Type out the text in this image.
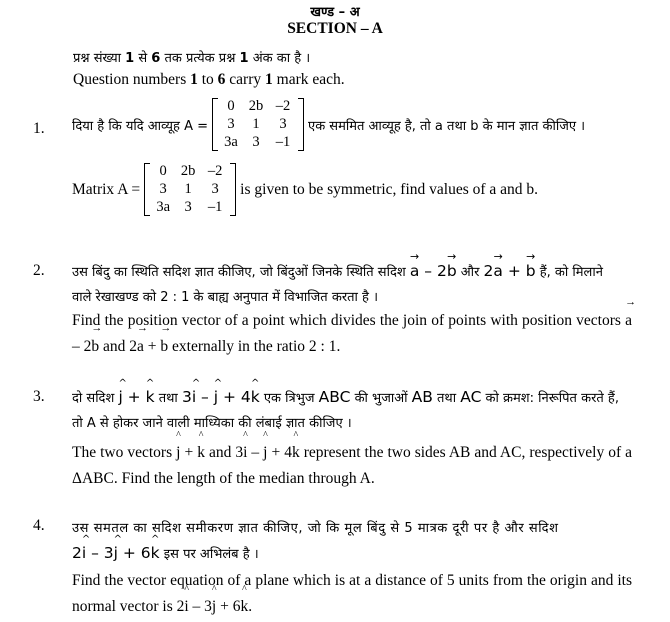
खण्ड – अ
SECTION – A
प्रश्न संख्या 1 से 6 तक प्रत्येक प्रश्न 1 अंक का है ।
Question numbers 1 to 6 carry 1 mark each.
1. दिया है कि यदि आव्यूह A =
0 2b –2
3	1	3
3a	3	–1
एक सममित आव्यूह है, तो a तथा b के मान ज्ञात कीजिए ।
Matrix A =
0 2b –2
3	1	3
3a	3	–1
is given to be symmetric, find values of a and b.
2. उस बिंदु का स्थिति सदिश ज्ञात कीजिए, जो बिंदुओं जिनके स्थिति सदिश → a – 2→ b और 2→ a + → b हैं, को मिलाने
वाले रेखाखण्ड को 2 : 1 के बाह्य अनुपात में विभाजित करता है ।
Find the position vector of a point which divides the join of points with position vectors → a – 2→ b and 2→ a + → b externally in the ratio 2 : 1.
3. दो सदिश ^ j + ^ k तथा 3^ i – ^ j + 4^ k एक त्रिभुज ABC की भुजाओं AB तथा AC को क्रमश: निरूपित करते हैं,
तो A से होकर जाने वाली माध्यिका की लंबाई ज्ञात कीजिए ।
The two vectors ^ j + ^ k and 3^ i – ^ j + 4^ k represent the two sides AB and AC, respectively of a ΔABC. Find the length of the median through A.
4. उस समतल का सदिश समीकरण ज्ञात कीजिए, जो कि मूल बिंदु से 5 मात्रक दूरी पर है और सदिश
2^ i – 3^ j + 6^ k इस पर अभिलंब है ।
Find the vector equation of a plane which is at a distance of 5 units from the origin and its normal vector is 2^ i – 3^ j + 6^ k.
